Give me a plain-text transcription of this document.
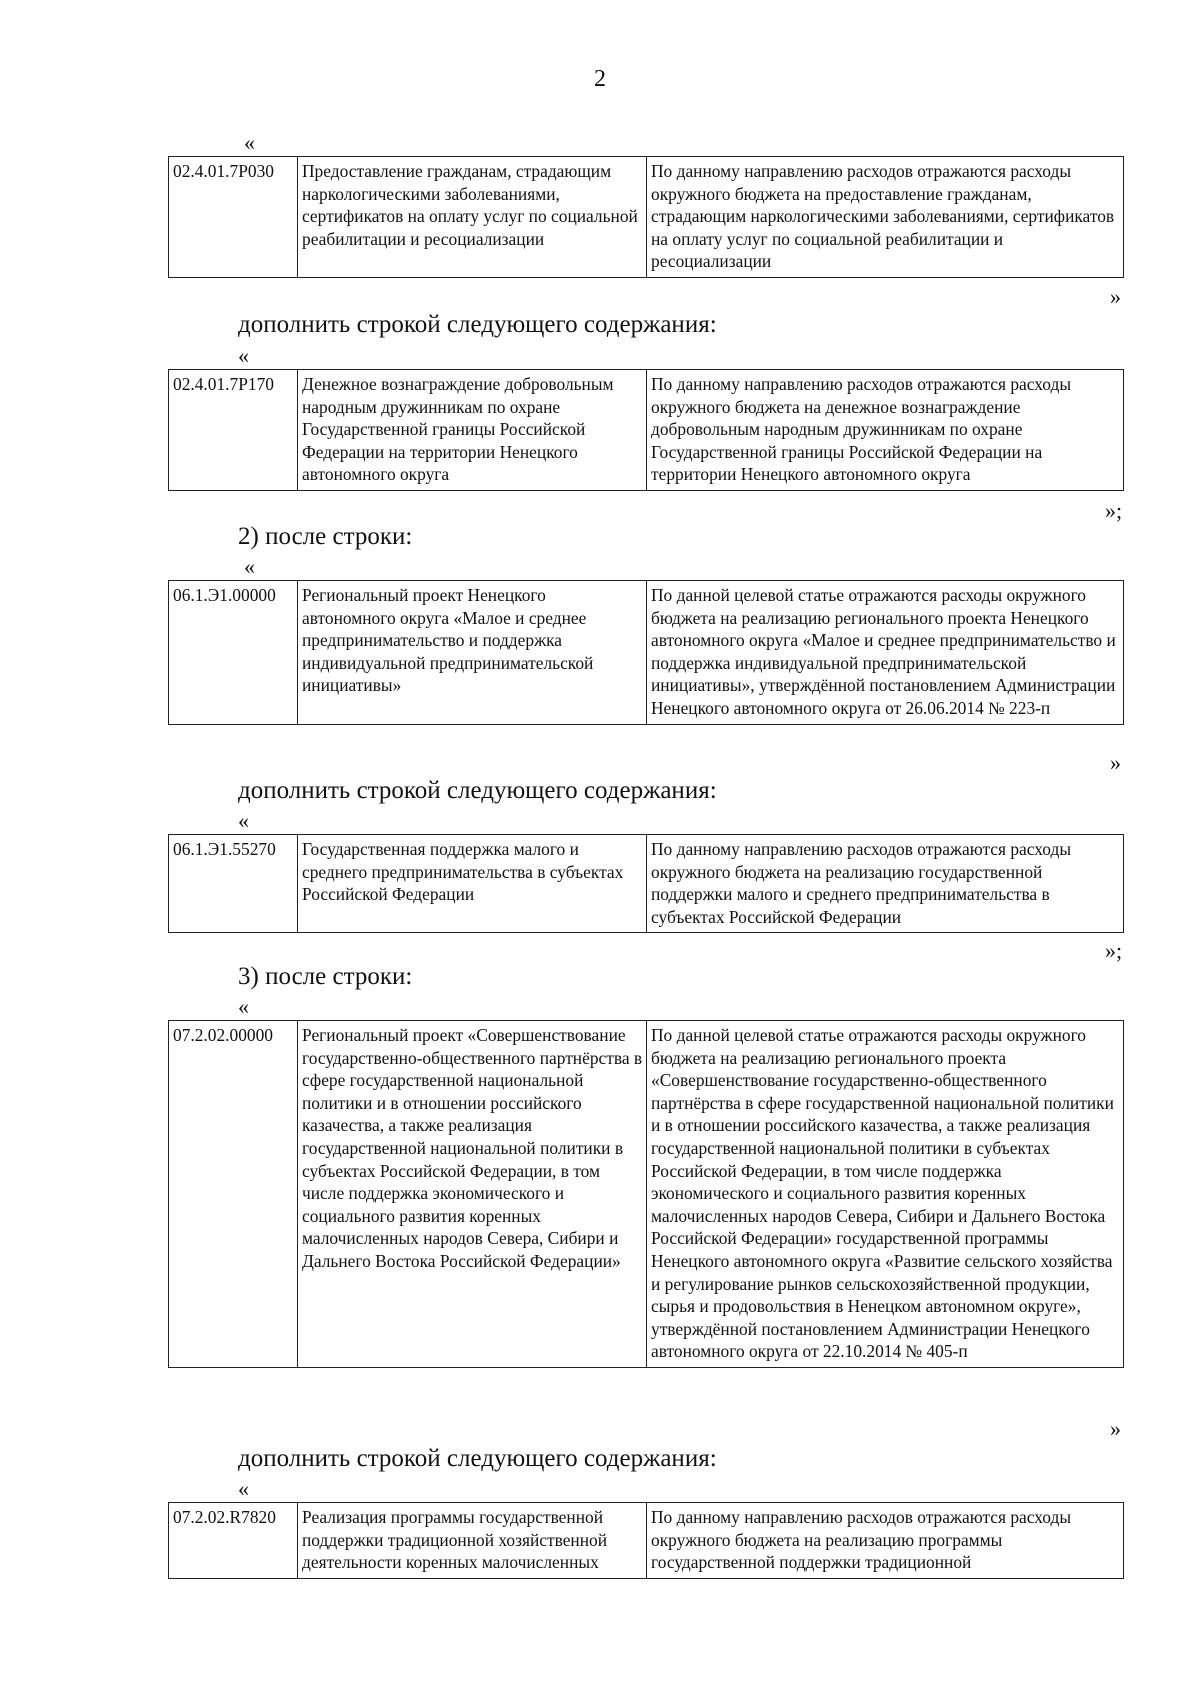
2
«
02.4.01.7Р030	Предоставление гражданам, страдающим наркологическими заболеваниями, сертификатов на оплату услуг по социальной реабилитации и ресоциализации	По данному направлению расходов отражаются расходы окружного бюджета на предоставление гражданам, страдающим наркологическими заболеваниями, сертификатов на оплату услуг по социальной реабилитации и ресоциализации
»
дополнить строкой следующего содержания:
«
02.4.01.7Р170	Денежное вознаграждение добровольным народным дружинникам по охране Государственной границы Российской Федерации на территории Ненецкого автономного округа	По данному направлению расходов отражаются расходы окружного бюджета на денежное вознаграждение добровольным народным дружинникам по охране Государственной границы Российской Федерации на территории Ненецкого автономного округа
»;
2) после строки:
«
06.1.Э1.00000	Региональный проект Ненецкого автономного округа «Малое и среднее предпринимательство и поддержка индивидуальной предпринимательской инициативы»	По данной целевой статье отражаются расходы окружного бюджета на реализацию регионального проекта Ненецкого автономного округа «Малое и среднее предпринимательство и поддержка индивидуальной предпринимательской инициативы», утверждённой постановлением Администрации Ненецкого автономного округа от 26.06.2014 № 223-п
»
дополнить строкой следующего содержания:
«
06.1.Э1.55270	Государственная поддержка малого и среднего предпринимательства в субъектах Российской Федерации	По данному направлению расходов отражаются расходы окружного бюджета на реализацию государственной поддержки малого и среднего предпринимательства в субъектах Российской Федерации
»;
3) после строки:
«
07.2.02.00000	Региональный проект «Совершенствование государственно-общественного партнёрства в сфере государственной национальной политики и в отношении российского казачества, а также реализация государственной национальной политики в субъектах Российской Федерации, в том числе поддержка экономического и социального развития коренных малочисленных народов Севера, Сибири и Дальнего Востока Российской Федерации»	По данной целевой статье отражаются расходы окружного бюджета на реализацию регионального проекта «Совершенствование государственно-общественного партнёрства в сфере государственной национальной политики и в отношении российского казачества, а также реализация государственной национальной политики в субъектах Российской Федерации, в том числе поддержка экономического и социального развития коренных малочисленных народов Севера, Сибири и Дальнего Востока Российской Федерации» государственной программы Ненецкого автономного округа «Развитие сельского хозяйства и регулирование рынков сельскохозяйственной продукции, сырья и продовольствия в Ненецком автономном округе», утверждённой постановлением Администрации Ненецкого автономного округа от 22.10.2014 № 405-п
»
дополнить строкой следующего содержания:
«
07.2.02.R7820	Реализация программы государственной поддержки традиционной хозяйственной деятельности коренных малочисленных	По данному направлению расходов отражаются расходы окружного бюджета на реализацию программы государственной поддержки традиционной
